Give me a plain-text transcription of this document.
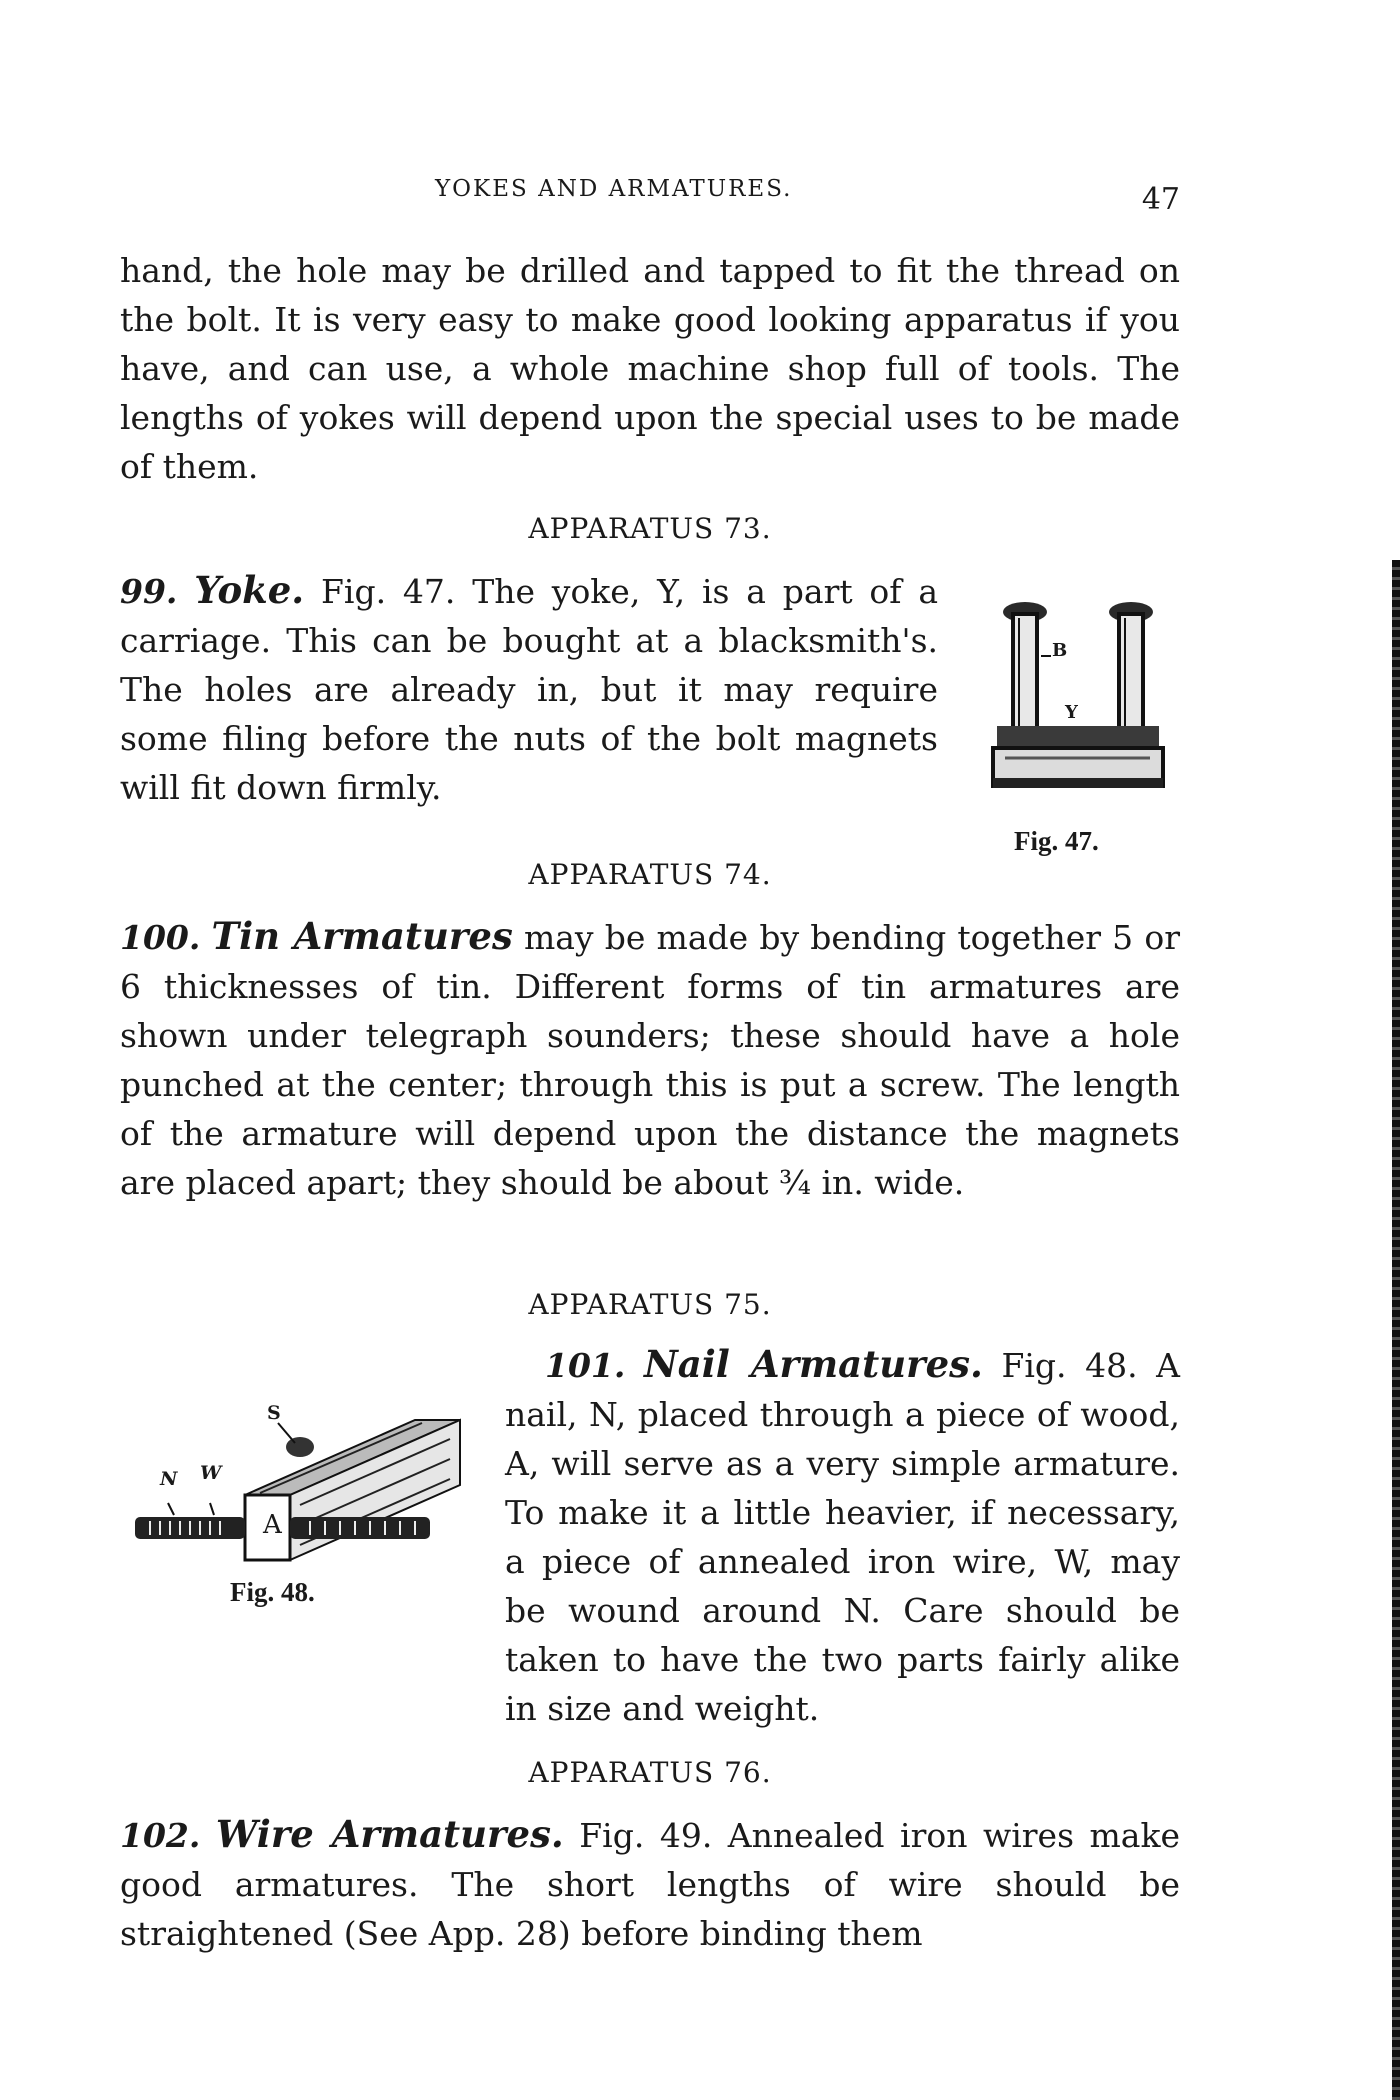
YOKES AND ARMATURES.	47

hand, the hole may be drilled and tapped to fit the thread on the bolt. It is very easy to make good looking apparatus if you have, and can use, a whole machine shop full of tools. The lengths of yokes will depend upon the special uses to be made of them.

APPARATUS 73.

99. Yoke. Fig. 47. The yoke, Y, is a part of a carriage. This can be bought at a blacksmith's. The holes are already in, but it may require some filing before the nuts of the bolt magnets will fit down firmly.

B
Y
Fig. 47.
APPARATUS 74.

100. Tin Armatures may be made by bending together 5 or 6 thicknesses of tin. Different forms of tin armatures are shown under telegraph sounders; these should have a hole punched at the center; through this is put a screw. The length of the armature will depend upon the distance the magnets are placed apart; they should be about ¾ in. wide.

APPARATUS 75.
S
N W
A
Fig. 48.

101. Nail Armatures. Fig. 48. A nail, N, placed through a piece of wood, A, will serve as a very simple armature. To make it a little heavier, if necessary, a piece of annealed iron wire, W, may be wound around N. Care should be taken to have the two parts fairly alike in size and weight.

APPARATUS 76.

102. Wire Armatures. Fig. 49. Annealed iron wires make good armatures. The short lengths of wire should be straightened (See App. 28) before binding them
